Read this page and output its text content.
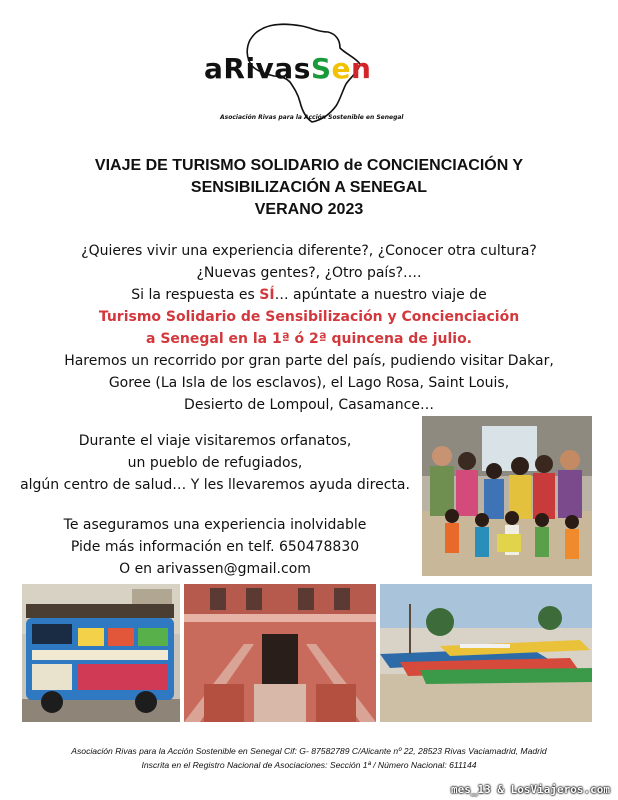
aRivasSen
Asociación Rivas para la Acción Sostenible en Senegal
VIAJE DE TURISMO SOLIDARIO de CONCIENCIACIÓN Y
SENSIBILIZACIÓN A SENEGAL
VERANO 2023
¿Quieres vivir una experiencia diferente?, ¿Conocer otra cultura?
¿Nuevas gentes?, ¿Otro país?….
Si la respuesta es SÍ… apúntate a nuestro viaje de
Turismo Solidario de Sensibilización y Concienciación
a Senegal en la 1ª ó 2ª quincena de julio.
Haremos un recorrido por gran parte del país, pudiendo visitar Dakar,
Goree (La Isla de los esclavos), el Lago Rosa, Saint Louis,
Desierto de Lompoul, Casamance…
Durante el viaje visitaremos orfanatos,
un pueblo de refugiados,
algún centro de salud… Y les llevaremos ayuda directa.
Te aseguramos una experiencia inolvidable
Pide más información en telf. 650478830
O en arivassen@gmail.com
Asociación Rivas para la Acción Sostenible en Senegal Cif: G- 87582789 C/Alicante nº 22, 28523 Rivas Vaciamadrid, Madrid
Inscrita en el Registro Nacional de Asociaciones: Sección 1ª / Número Nacional: 611144
mes_13 & LosViajeros.com
